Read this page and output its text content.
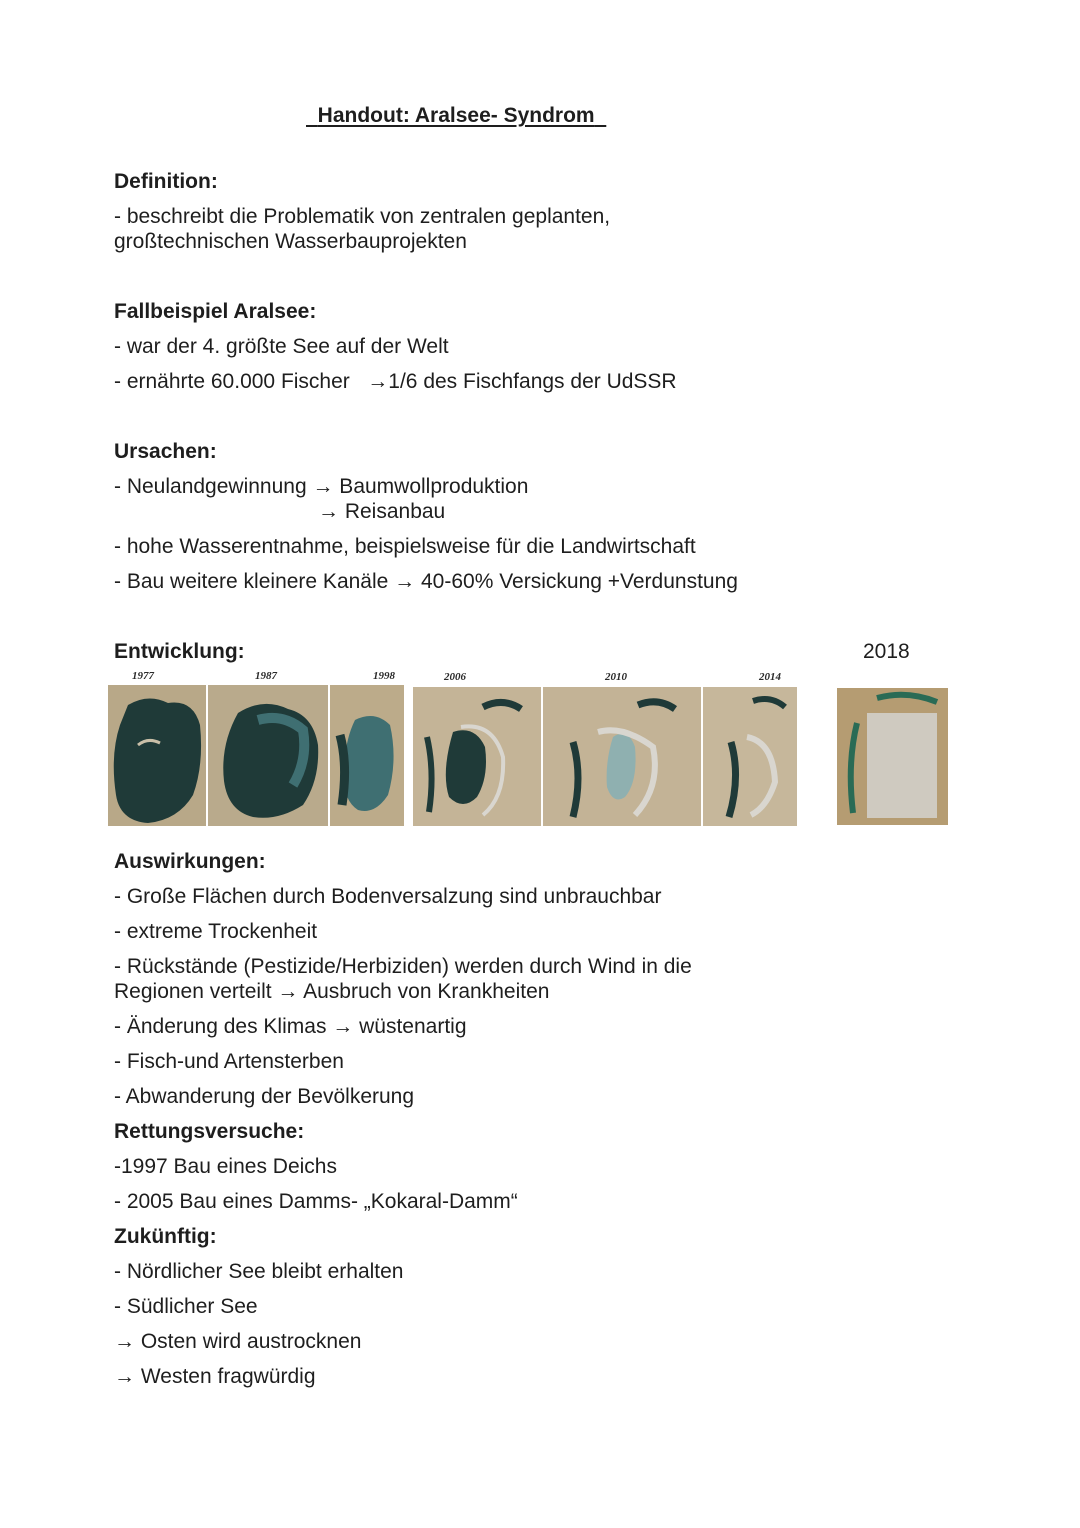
Handout: Aralsee- Syndrom
Definition:
- beschreibt die Problematik von zentralen geplanten,
großtechnischen Wasserbauprojekten
Fallbeispiel Aralsee:
- war der 4. größte See auf der Welt
- ernährte 60.000 Fischer   →1/6 des Fischfangs der UdSSR
Ursachen:
- Neulandgewinnung → Baumwollproduktion
→ Reisanbau
- hohe Wasserentnahme, beispielsweise für die Landwirtschaft
- Bau weitere kleinere Kanäle → 40-60% Versickung +Verdunstung
Entwicklung:	2018
1977	1987	1998	2006	2010	2014
Auswirkungen:
- Große Flächen durch Bodenversalzung sind unbrauchbar
- extreme Trockenheit
- Rückstände (Pestizide/Herbiziden) werden durch Wind in die
Regionen verteilt → Ausbruch von Krankheiten
- Änderung des Klimas → wüstenartig
- Fisch-und Artensterben
- Abwanderung der Bevölkerung
Rettungsversuche:
-1997 Bau eines Deichs
- 2005 Bau eines Damms- „Kokaral-Damm“
Zukünftig:
- Nördlicher See bleibt erhalten
- Südlicher See
→ Osten wird austrocknen
→ Westen fragwürdig
